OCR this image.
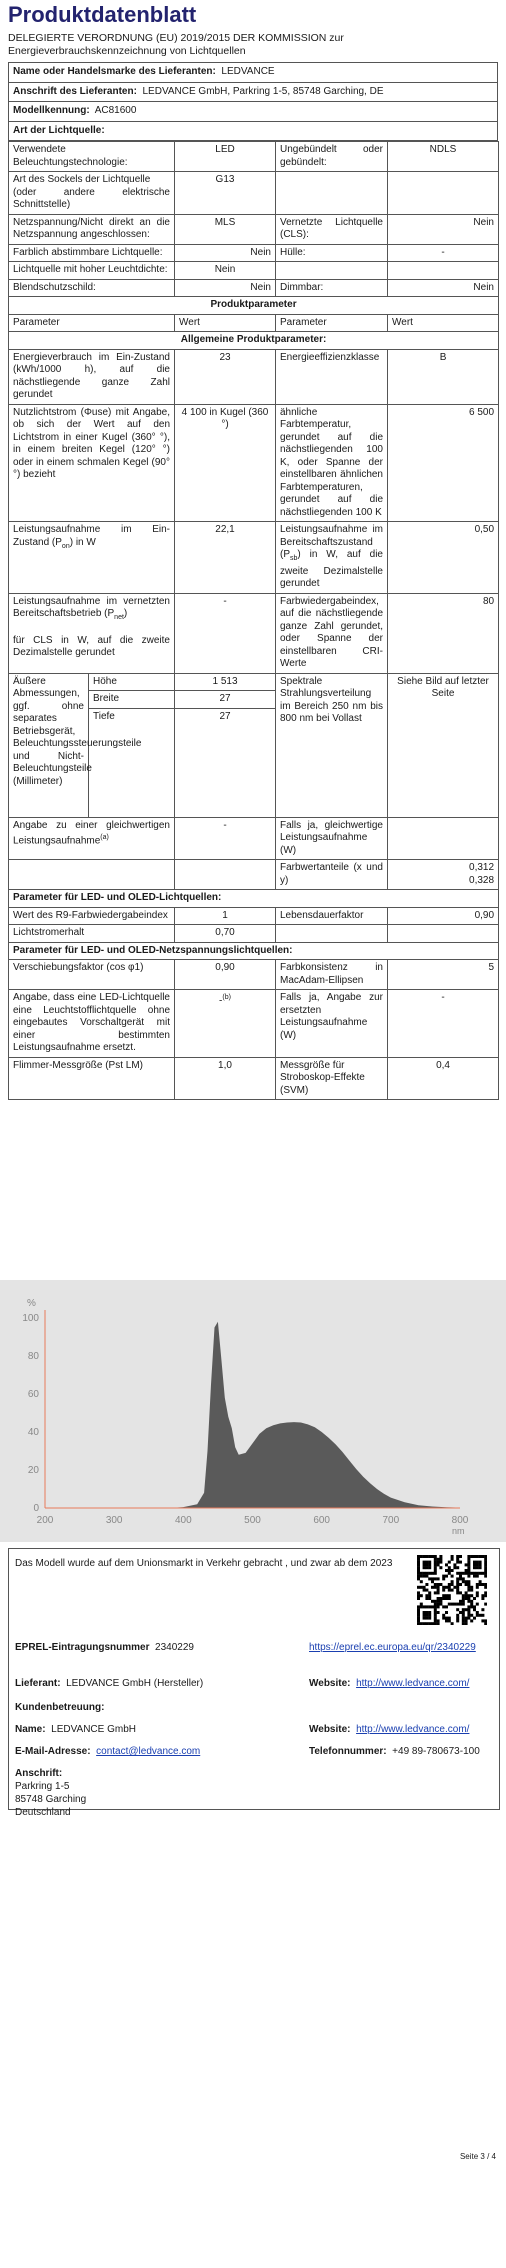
Produktdatenblatt
DELEGIERTE VERORDNUNG (EU) 2019/2015 DER KOMMISSION zur Energieverbrauchskennzeichnung von Lichtquellen
Name oder Handelsmarke des Lieferanten: LEDVANCE
Anschrift des Lieferanten: LEDVANCE GmbH, Parkring 1-5, 85748 Garching, DE
Modellkennung: AC81600
Art der Lichtquelle:
Verwendete Beleuchtungstechnologie:	LED	Ungebündelt oder gebündelt:	NDLS

Art des Sockels der Lichtquelle
(oder andere elektrische Schnittstelle)	G13		
Netzspannung/Nicht direkt an die Netzspannung angeschlossen:	MLS	Vernetzte Lichtquelle (CLS):	Nein
Farblich abstimmbare Lichtquelle:	Nein	Hülle:	-
Lichtquelle mit hoher Leuchtdichte:	Nein		
Blendschutzschild:	Nein	Dimmbar:	Nein
Produktparameter				
Parameter		Wert	Parameter	Wert
Allgemeine Produktparameter:				
Energieverbrauch im Ein-Zustand (kWh/1000 h), auf die nächstliegende ganze Zahl gerundet		23	Energieeffizienzklasse	B
Nutzlichtstrom (Φuse) mit Angabe, ob sich der Wert auf den Lichtstrom in einer Kugel (360° °), in einem breiten Kegel (120° °) oder in einem schmalen Kegel (90° °) bezieht		4 100 in Kugel (360 °)	ähnliche Farbtemperatur, gerundet auf die nächstliegenden 100 K, oder Spanne der einstellbaren ähnlichen Farbtemperaturen, gerundet auf die nächstliegenden 100 K	6 500
Leistungsaufnahme im Ein-Zustand $(P_{on})$ in W		22,1	Leistungsaufnahme im Bereitschaftszustand $(P_{sb})$ in W, auf die zweite Dezimalstelle gerundet	0,50
Leistungsaufnahme im vernetzten Bereitschaftsbetrieb $(P_{net})$
für CLS in W, auf die zweite Dezimalstelle gerundet		-	Farbwiedergabeindex, auf die nächstliegende ganze Zahl gerundet, oder Spanne der einstellbaren CRI-Werte	80
Äußere Abmessungen, ggf. ohne separates Betriebsgerät, Beleuchtungssteuerungsteile und Nicht-Beleuchtungsteile (Millimeter)	Höhe	1 513	Spektrale Strahlungsverteilung im Bereich 250 nm bis 800 nm bei Vollast	Siehe Bild auf letzter Seite
	Breite	27		
	Tiefe	27		
Angabe zu einer gleichwertigen Leistungsaufnahme$^{(a)}$		-	Falls ja, gleichwertige Leistungsaufnahme (W)	
			Farbwertanteile (x und y)	0,312
0,328

Parameter für LED- und OLED-Lichtquellen:				
Wert des R9-Farbwiedergabeindex		1	Lebensdauerfaktor	0,90
Lichtstromerhalt		0,70		
Parameter für LED- und OLED-Netzspannungslichtquellen:				
Verschiebungsfaktor (cos φ1)		0,90	Farbkonsistenz in MacAdam-Ellipsen	5
Angabe, dass eine LED-Lichtquelle eine Leuchtstofflichtquelle ohne eingebautes Vorschaltgerät mit einer bestimmten Leistungsaufnahme ersetzt.		-$^{(b)}$	Falls ja, Angabe zur ersetzten Leistungsaufnahme (W)	-
Flimmer-Messgröße (Pst LM)		1,0	Messgröße für Stroboskop-Effekte (SVM)	0,4
0
20
40
60
80
100
200	300	400	500	600	700	800
%
nm
Das Modell wurde auf dem Unionsmarkt in Verkehr gebracht , und zwar ab dem 2023
EPREL-Eintragungsnummer 2340229	https://eprel.ec.europa.eu/qr/2340229
Lieferant: LEDVANCE GmbH (Hersteller)	Website: http://www.ledvance.com/
Kundenbetreuung:
Name: LEDVANCE GmbH	Website: http://www.ledvance.com/
E-Mail-Adresse: contact@ledvance.com	Telefonnummer: +49 89-780673-100
Anschrift:
Parkring 1-5
85748 Garching
Deutschland
Seite 3 / 4
